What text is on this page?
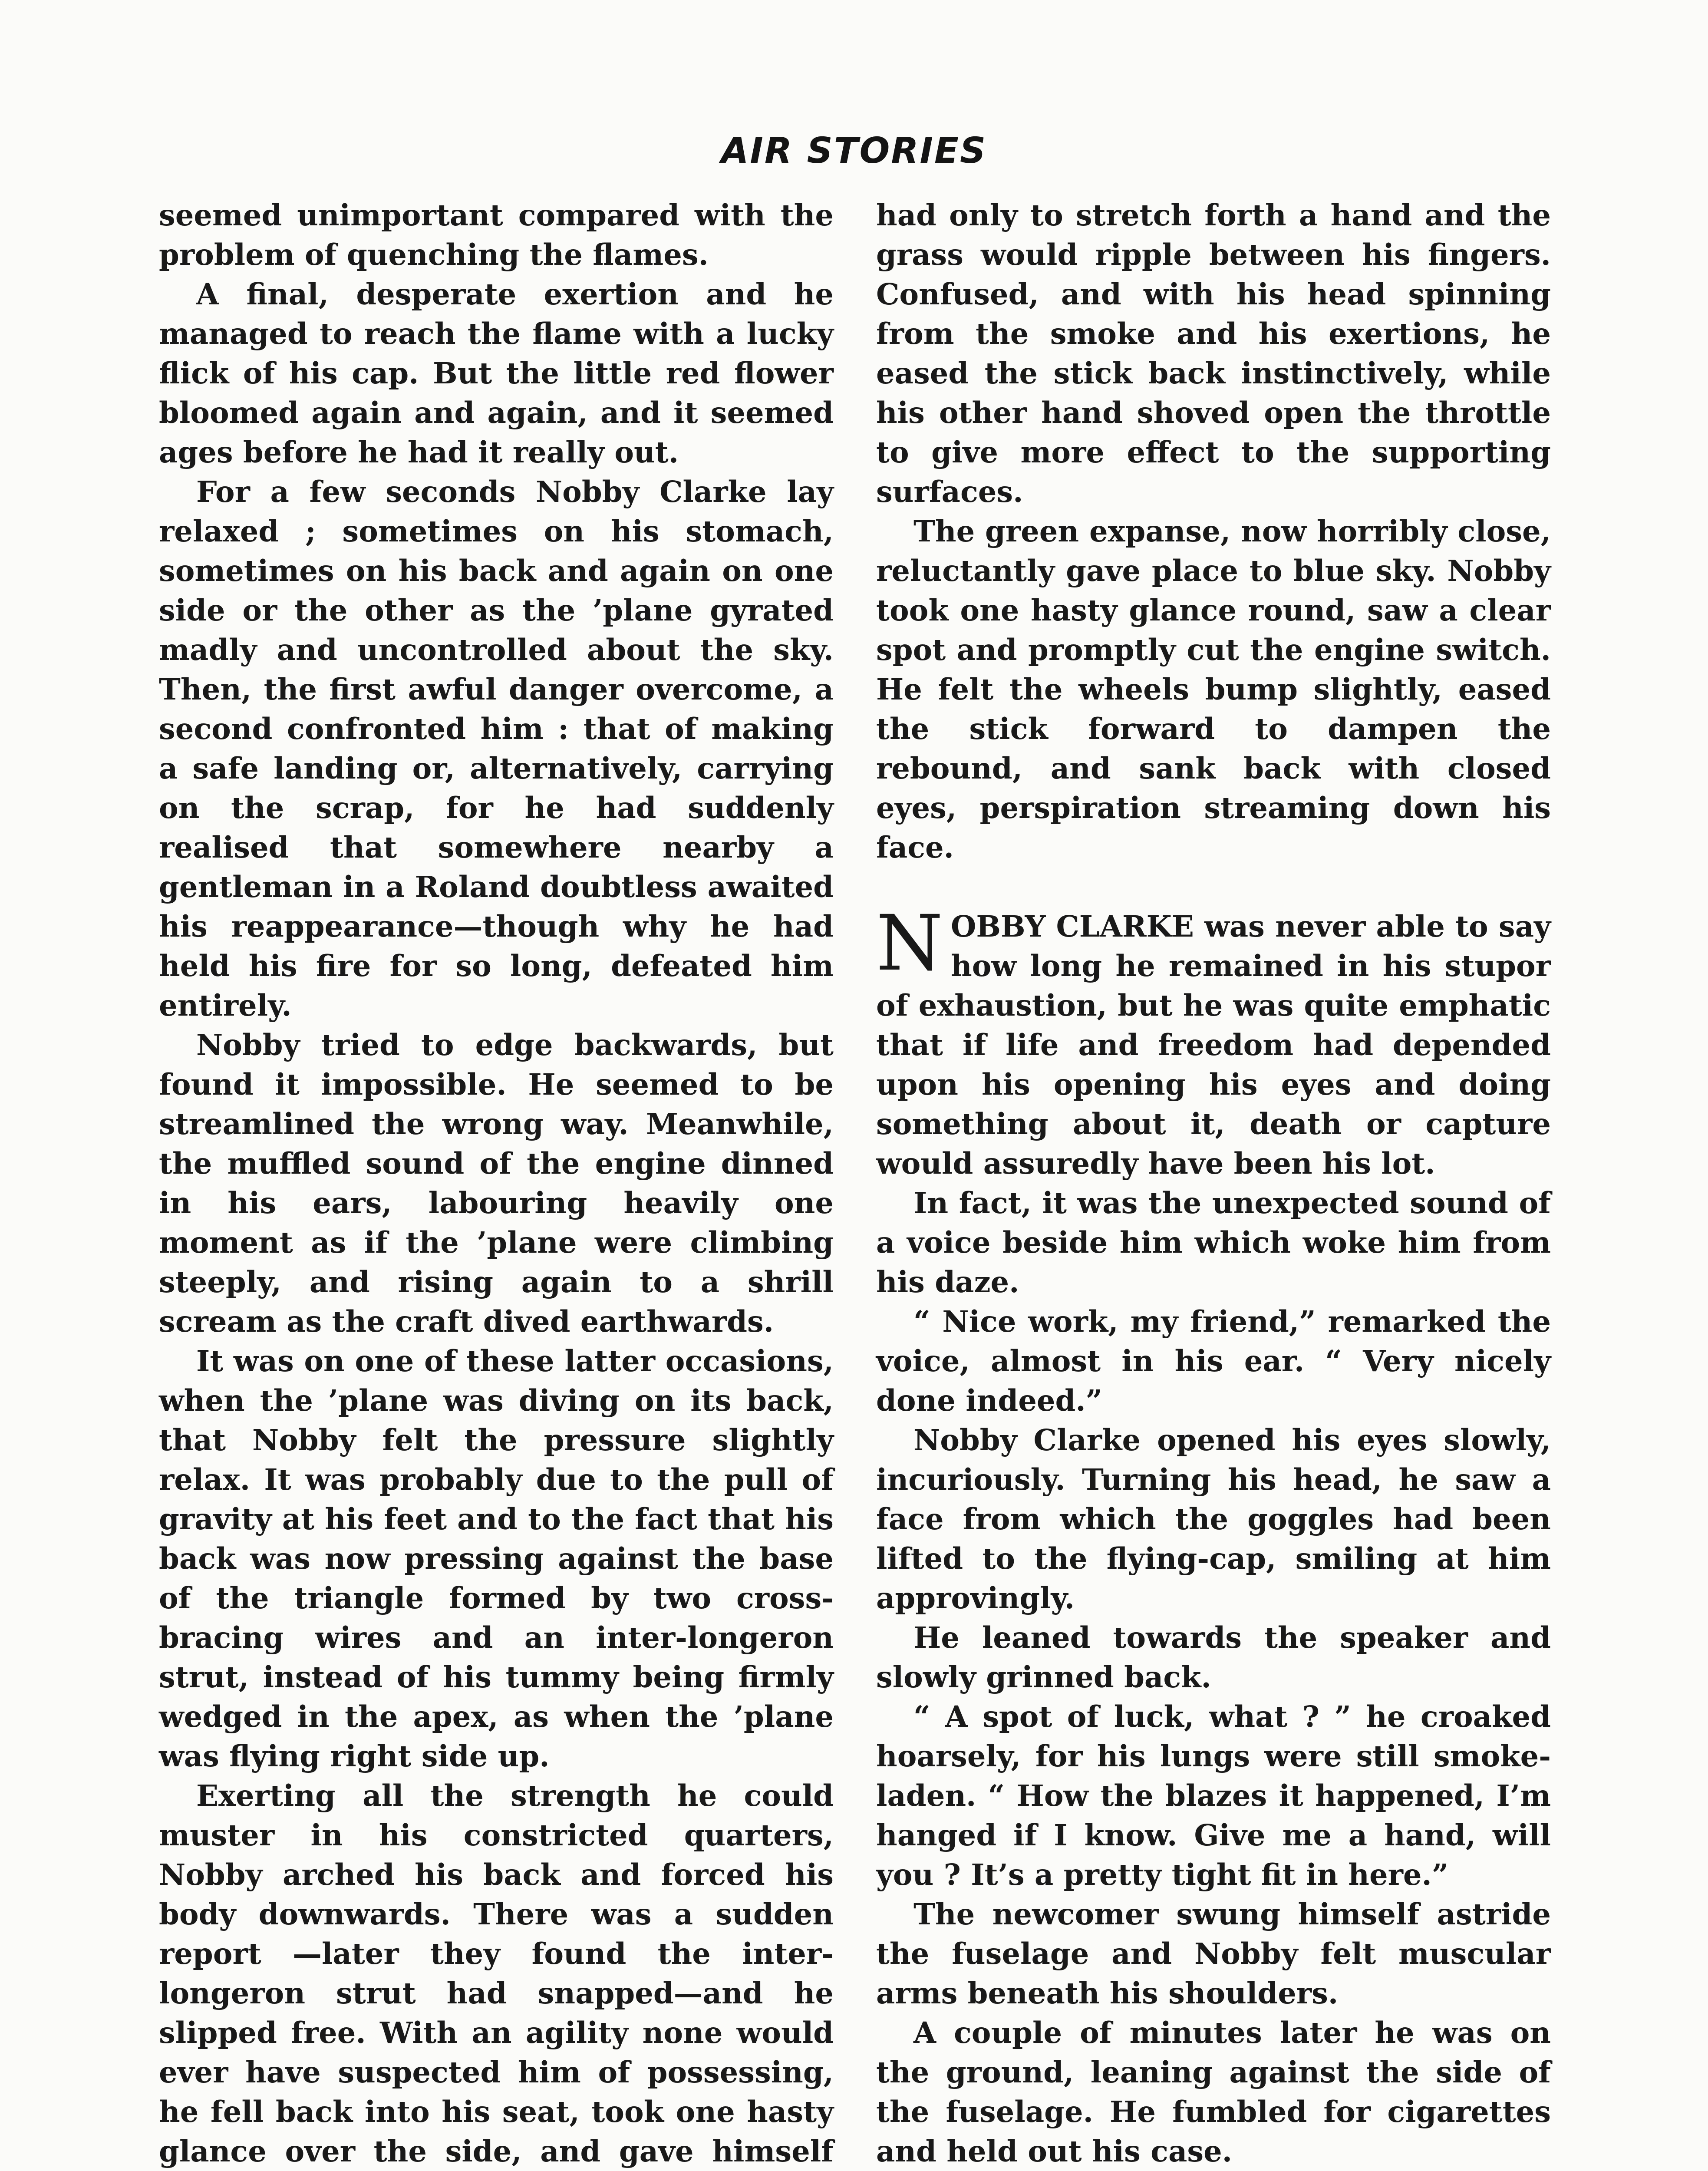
AIR STORIES

seemed unimportant compared with the problem of quenching the flames.

A final, desperate exertion and he managed to reach the flame with a lucky flick of his cap. But the little red flower bloomed again and again, and it seemed ages before he had it really out.

For a few seconds Nobby Clarke lay relaxed ; sometimes on his stomach, sometimes on his back and again on one side or the other as the ’plane gyrated madly and uncontrolled about the sky. Then, the first awful danger overcome, a second confronted him : that of making a safe landing or, alternatively, carrying on the scrap, for he had suddenly realised that somewhere nearby a gentleman in a Roland doubtless awaited his reappearance—though why he had held his fire for so long, defeated him entirely.

Nobby tried to edge backwards, but found it impossible. He seemed to be streamlined the wrong way. Meanwhile, the muffled sound of the engine dinned in his ears, labouring heavily one moment as if the ’plane were climbing steeply, and rising again to a shrill scream as the craft dived earthwards.

It was on one of these latter occasions, when the ’plane was diving on its back, that Nobby felt the pressure slightly relax. It was probably due to the pull of gravity at his feet and to the fact that his back was now pressing against the base of the triangle formed by two cross-bracing wires and an inter-longeron strut, instead of his tummy being firmly wedged in the apex, as when the ’plane was flying right side up.

Exerting all the strength he could muster in his constricted quarters, Nobby arched his back and forced his body downwards. There was a sudden report —later they found the inter-longeron strut had snapped—and he slipped free. With an agility none would ever have suspected him of possessing, he fell back into his seat, took one hasty glance over the side, and gave himself

had only to stretch forth a hand and the grass would ripple between his fingers. Confused, and with his head spinning from the smoke and his exertions, he eased the stick back instinctively, while his other hand shoved open the throttle to give more effect to the supporting surfaces.

The green expanse, now horribly close, reluctantly gave place to blue sky. Nobby took one hasty glance round, saw a clear spot and promptly cut the engine switch. He felt the wheels bump slightly, eased the stick forward to dampen the rebound, and sank back with closed eyes, perspiration streaming down his face.

NOBBY CLARKE was never able to say how long he remained in his stupor of exhaustion, but he was quite emphatic that if life and freedom had depended upon his opening his eyes and doing something about it, death or capture would assuredly have been his lot.

In fact, it was the unexpected sound of a voice beside him which woke him from his daze.

“ Nice work, my friend,” remarked the voice, almost in his ear. “ Very nicely done indeed.”

Nobby Clarke opened his eyes slowly, incuriously. Turning his head, he saw a face from which the goggles had been lifted to the flying-cap, smiling at him approvingly.

He leaned towards the speaker and slowly grinned back.

“ A spot of luck, what ? ” he croaked hoarsely, for his lungs were still smoke-laden. “ How the blazes it happened, I’m hanged if I know. Give me a hand, will you ? It’s a pretty tight fit in here.”

The newcomer swung himself astride the fuselage and Nobby felt muscular arms beneath his shoulders.

A couple of minutes later he was on the ground, leaning against the side of the fuselage. He fumbled for cigarettes and held out his case.
